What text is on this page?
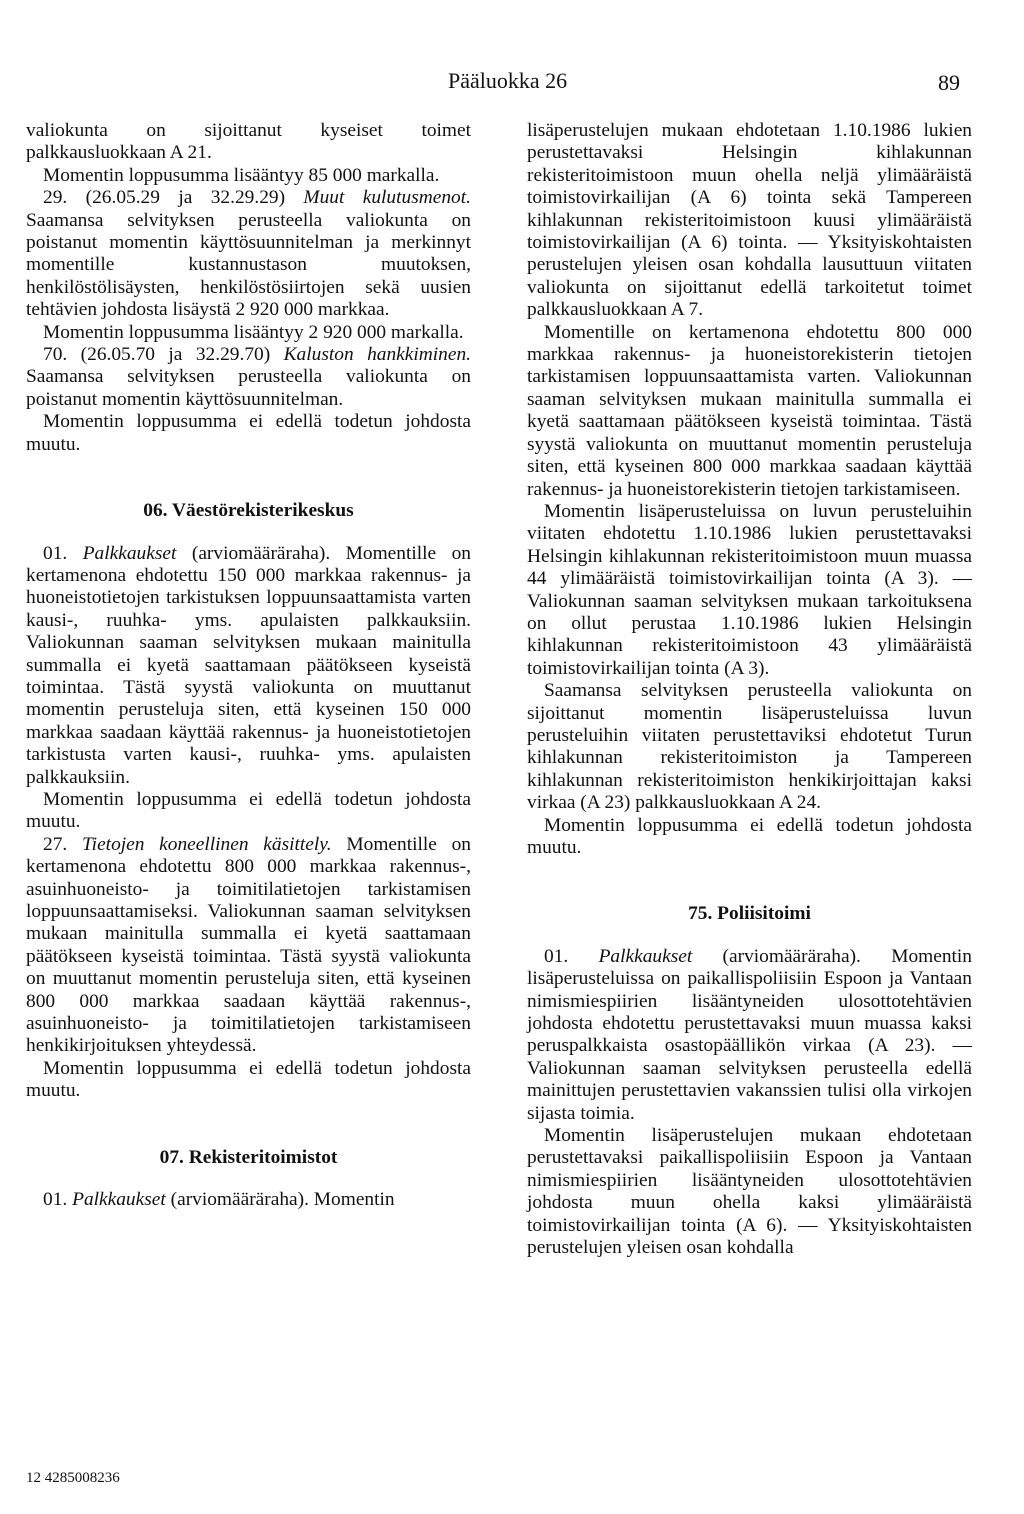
Pääluokka 26	89

valiokunta on sijoittanut kyseiset toimet palkkausluokkaan A 21.

Momentin loppusumma lisääntyy 85 000 markalla.

29. (26.05.29 ja 32.29.29) Muut kulutusmenot. Saamansa selvityksen perusteella valiokunta on poistanut momentin käyttösuunnitelman ja merkinnyt momentille kustannustason muutoksen, henkilöstölisäysten, henkilöstösiirtojen sekä uusien tehtävien johdosta lisäystä 2 920 000 markkaa.

Momentin loppusumma lisääntyy 2 920 000 markalla.

70. (26.05.70 ja 32.29.70) Kaluston hankkiminen. Saamansa selvityksen perusteella valiokunta on poistanut momentin käyttösuunnitelman.

Momentin loppusumma ei edellä todetun johdosta muutu.

06. Väestörekisterikeskus

01. Palkkaukset (arviomääräraha). Momentille on kertamenona ehdotettu 150 000 markkaa rakennus- ja huoneistotietojen tarkistuksen loppuunsaattamista varten kausi-, ruuhka- yms. apulaisten palkkauksiin. Valiokunnan saaman selvityksen mukaan mainitulla summalla ei kyetä saattamaan päätökseen kyseistä toimintaa. Tästä syystä valiokunta on muuttanut momentin perusteluja siten, että kyseinen 150 000 markkaa saadaan käyttää rakennus- ja huoneistotietojen tarkistusta varten kausi-, ruuhka- yms. apulaisten palkkauksiin.

Momentin loppusumma ei edellä todetun johdosta muutu.

27. Tietojen koneellinen käsittely. Momentille on kertamenona ehdotettu 800 000 markkaa rakennus-, asuinhuoneisto- ja toimitilatietojen tarkistamisen loppuunsaattamiseksi. Valiokunnan saaman selvityksen mukaan mainitulla summalla ei kyetä saattamaan päätökseen kyseistä toimintaa. Tästä syystä valiokunta on muuttanut momentin perusteluja siten, että kyseinen 800 000 markkaa saadaan käyttää rakennus-, asuinhuoneisto- ja toimitilatietojen tarkistamiseen henkikirjoituksen yhteydessä.

Momentin loppusumma ei edellä todetun johdosta muutu.

07. Rekisteritoimistot

01. Palkkaukset (arviomääräraha). Momentin

lisäperustelujen mukaan ehdotetaan 1.10.1986 lukien perustettavaksi Helsingin kihlakunnan rekisteritoimistoon muun ohella neljä ylimääräistä toimistovirkailijan (A 6) tointa sekä Tampereen kihlakunnan rekisteritoimistoon kuusi ylimääräistä toimistovirkailijan (A 6) tointa. — Yksityiskohtaisten perustelujen yleisen osan kohdalla lausuttuun viitaten valiokunta on sijoittanut edellä tarkoitetut toimet palkkausluokkaan A 7.

Momentille on kertamenona ehdotettu 800 000 markkaa rakennus- ja huoneistorekisterin tietojen tarkistamisen loppuunsaattamista varten. Valiokunnan saaman selvityksen mukaan mainitulla summalla ei kyetä saattamaan päätökseen kyseistä toimintaa. Tästä syystä valiokunta on muuttanut momentin perusteluja siten, että kyseinen 800 000 markkaa saadaan käyttää rakennus- ja huoneistorekisterin tietojen tarkistamiseen.

Momentin lisäperusteluissa on luvun perusteluihin viitaten ehdotettu 1.10.1986 lukien perustettavaksi Helsingin kihlakunnan rekisteritoimistoon muun muassa 44 ylimääräistä toimistovirkailijan tointa (A 3). — Valiokunnan saaman selvityksen mukaan tarkoituksena on ollut perustaa 1.10.1986 lukien Helsingin kihlakunnan rekisteritoimistoon 43 ylimääräistä toimistovirkailijan tointa (A 3).

Saamansa selvityksen perusteella valiokunta on sijoittanut momentin lisäperusteluissa luvun perusteluihin viitaten perustettaviksi ehdotetut Turun kihlakunnan rekisteritoimiston ja Tampereen kihlakunnan rekisteritoimiston henkikirjoittajan kaksi virkaa (A 23) palkkausluokkaan A 24.

Momentin loppusumma ei edellä todetun johdosta muutu.

75. Poliisitoimi

01. Palkkaukset (arviomääräraha). Momentin lisäperusteluissa on paikallispoliisiin Espoon ja Vantaan nimismiespiirien lisääntyneiden ulosottotehtävien johdosta ehdotettu perustettavaksi muun muassa kaksi peruspalkkaista osastopäällikön virkaa (A 23). — Valiokunnan saaman selvityksen perusteella edellä mainittujen perustettavien vakanssien tulisi olla virkojen sijasta toimia.

Momentin lisäperustelujen mukaan ehdotetaan perustettavaksi paikallispoliisiin Espoon ja Vantaan nimismiespiirien lisääntyneiden ulosottotehtävien johdosta muun ohella kaksi ylimääräistä toimistovirkailijan tointa (A 6). — Yksityiskohtaisten perustelujen yleisen osan kohdalla

12 4285008236
